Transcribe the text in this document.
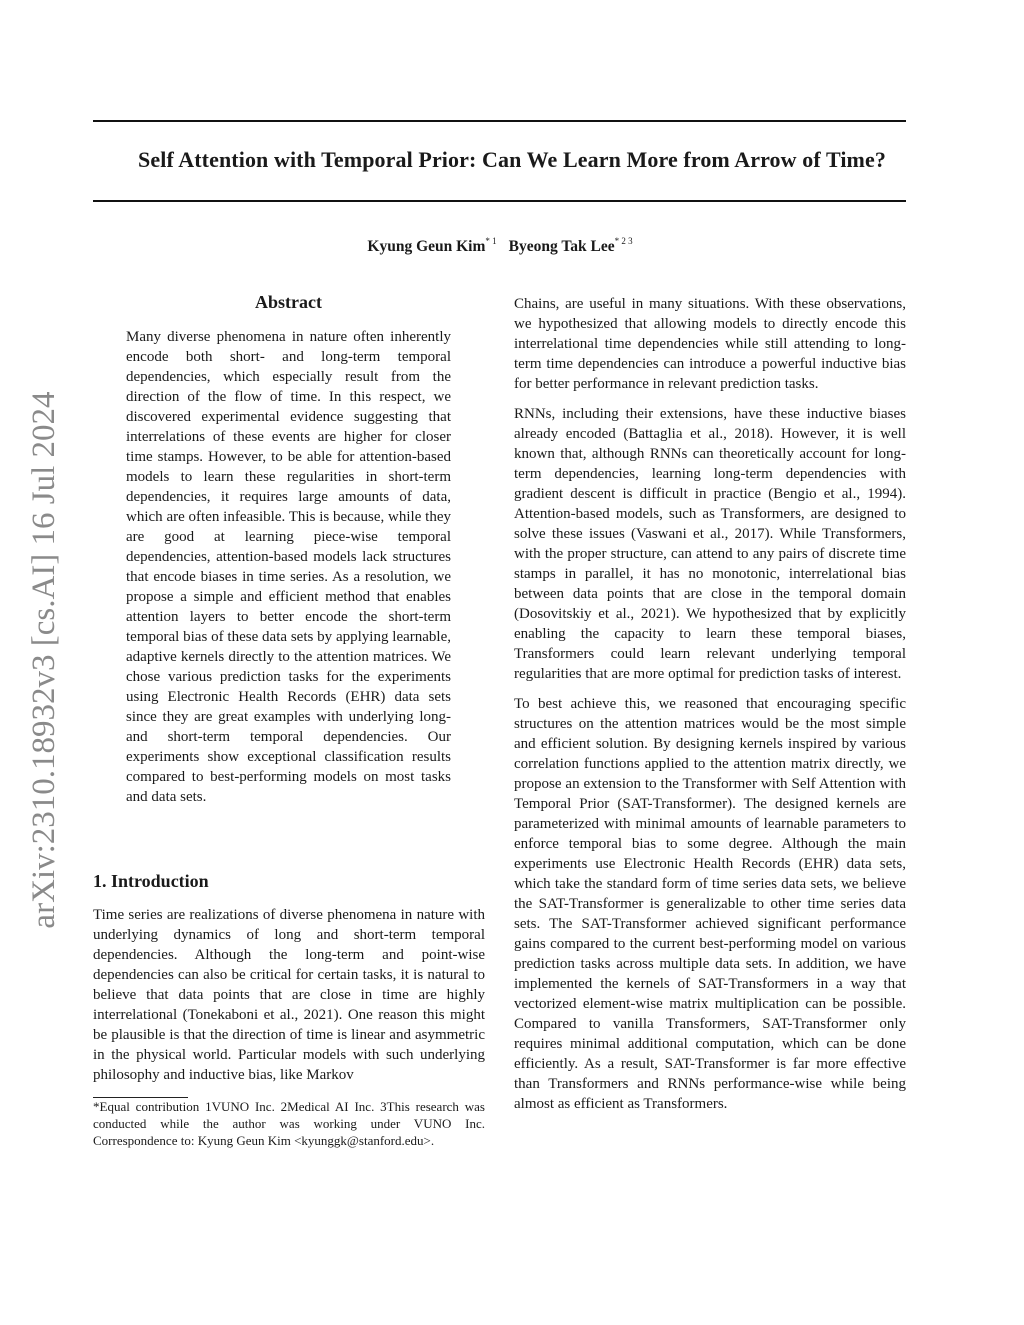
Self Attention with Temporal Prior: Can We Learn More from Arrow of Time?
Kyung Geun Kim$^{* 1}$ Byeong Tak Lee$^{* 2 3}$
arXiv:2310.18932v3 [cs.AI] 16 Jul 2024
Abstract

Many diverse phenomena in nature often inherently encode both short- and long-term temporal dependencies, which especially result from the direction of the flow of time. In this respect, we discovered experimental evidence suggesting that interrelations of these events are higher for closer time stamps. However, to be able for attention-based models to learn these regularities in short-term dependencies, it requires large amounts of data, which are often infeasible. This is because, while they are good at learning piece-wise temporal dependencies, attention-based models lack structures that encode biases in time series. As a resolution, we propose a simple and efficient method that enables attention layers to better encode the short-term temporal bias of these data sets by applying learnable, adaptive kernels directly to the attention matrices. We chose various prediction tasks for the experiments using Electronic Health Records (EHR) data sets since they are great examples with underlying long- and short-term temporal dependencies. Our experiments show exceptional classification results compared to best-performing models on most tasks and data sets.

1. Introduction

Time series are realizations of diverse phenomena in nature with underlying dynamics of long and short-term temporal dependencies. Although the long-term and point-wise dependencies can also be critical for certain tasks, it is natural to believe that data points that are close in time are highly interrelational (Tonekaboni et al., 2021). One reason this might be plausible is that the direction of time is linear and asymmetric in the physical world. Particular models with such underlying philosophy and inductive bias, like Markov

*Equal contribution 1VUNO Inc. 2Medical AI Inc. 3This research was conducted while the author was working under VUNO Inc. Correspondence to: Kyung Geun Kim <kyunggk@stanford.edu>.

Chains, are useful in many situations. With these observations, we hypothesized that allowing models to directly encode this interrelational time dependencies while still attending to long-term time dependencies can introduce a powerful inductive bias for better performance in relevant prediction tasks.

RNNs, including their extensions, have these inductive biases already encoded (Battaglia et al., 2018). However, it is well known that, although RNNs can theoretically account for long-term dependencies, learning long-term dependencies with gradient descent is difficult in practice (Bengio et al., 1994). Attention-based models, such as Transformers, are designed to solve these issues (Vaswani et al., 2017). While Transformers, with the proper structure, can attend to any pairs of discrete time stamps in parallel, it has no monotonic, interrelational bias between data points that are close in the temporal domain (Dosovitskiy et al., 2021). We hypothesized that by explicitly enabling the capacity to learn these temporal biases, Transformers could learn relevant underlying temporal regularities that are more optimal for prediction tasks of interest.

To best achieve this, we reasoned that encouraging specific structures on the attention matrices would be the most simple and efficient solution. By designing kernels inspired by various correlation functions applied to the attention matrix directly, we propose an extension to the Transformer with Self Attention with Temporal Prior (SAT-Transformer). The designed kernels are parameterized with minimal amounts of learnable parameters to enforce temporal bias to some degree. Although the main experiments use Electronic Health Records (EHR) data sets, which take the standard form of time series data sets, we believe the SAT-Transformer is generalizable to other time series data sets. The SAT-Transformer achieved significant performance gains compared to the current best-performing model on various prediction tasks across multiple data sets. In addition, we have implemented the kernels of SAT-Transformers in a way that vectorized element-wise matrix multiplication can be possible. Compared to vanilla Transformers, SAT-Transformer only requires minimal additional computation, which can be done efficiently. As a result, SAT-Transformer is far more effective than Transformers and RNNs performance-wise while being almost as efficient as Transformers.
